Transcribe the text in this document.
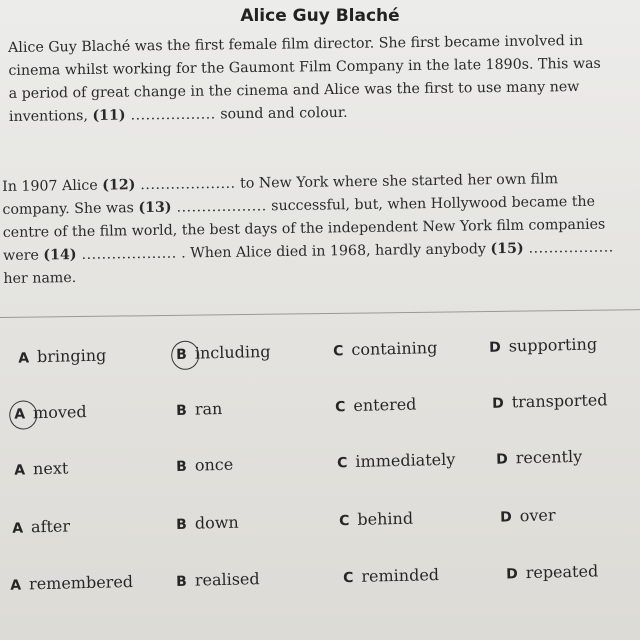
Alice Guy Blaché

Alice Guy Blaché was the first female film director. She first became involved in
cinema whilst working for the Gaumont Film Company in the late 1890s. This was
a period of great change in the cinema and Alice was the first to use many new
inventions, (11) ................. sound and colour.

In 1907 Alice (12) ................... to New York where she started her own film
company. She was (13) .................. successful, but, when Hollywood became the
centre of the film world, the best days of the independent New York film companies
were (14) ................... . When Alice died in 1968, hardly anybody (15) .................
her name.

A bringing	B including	C containing	D supporting
A moved	B ran	C entered	D transported
A next	B once	C immediately	D recently
A after	B down	C behind	D over
A remembered	B realised	C reminded	D repeated
